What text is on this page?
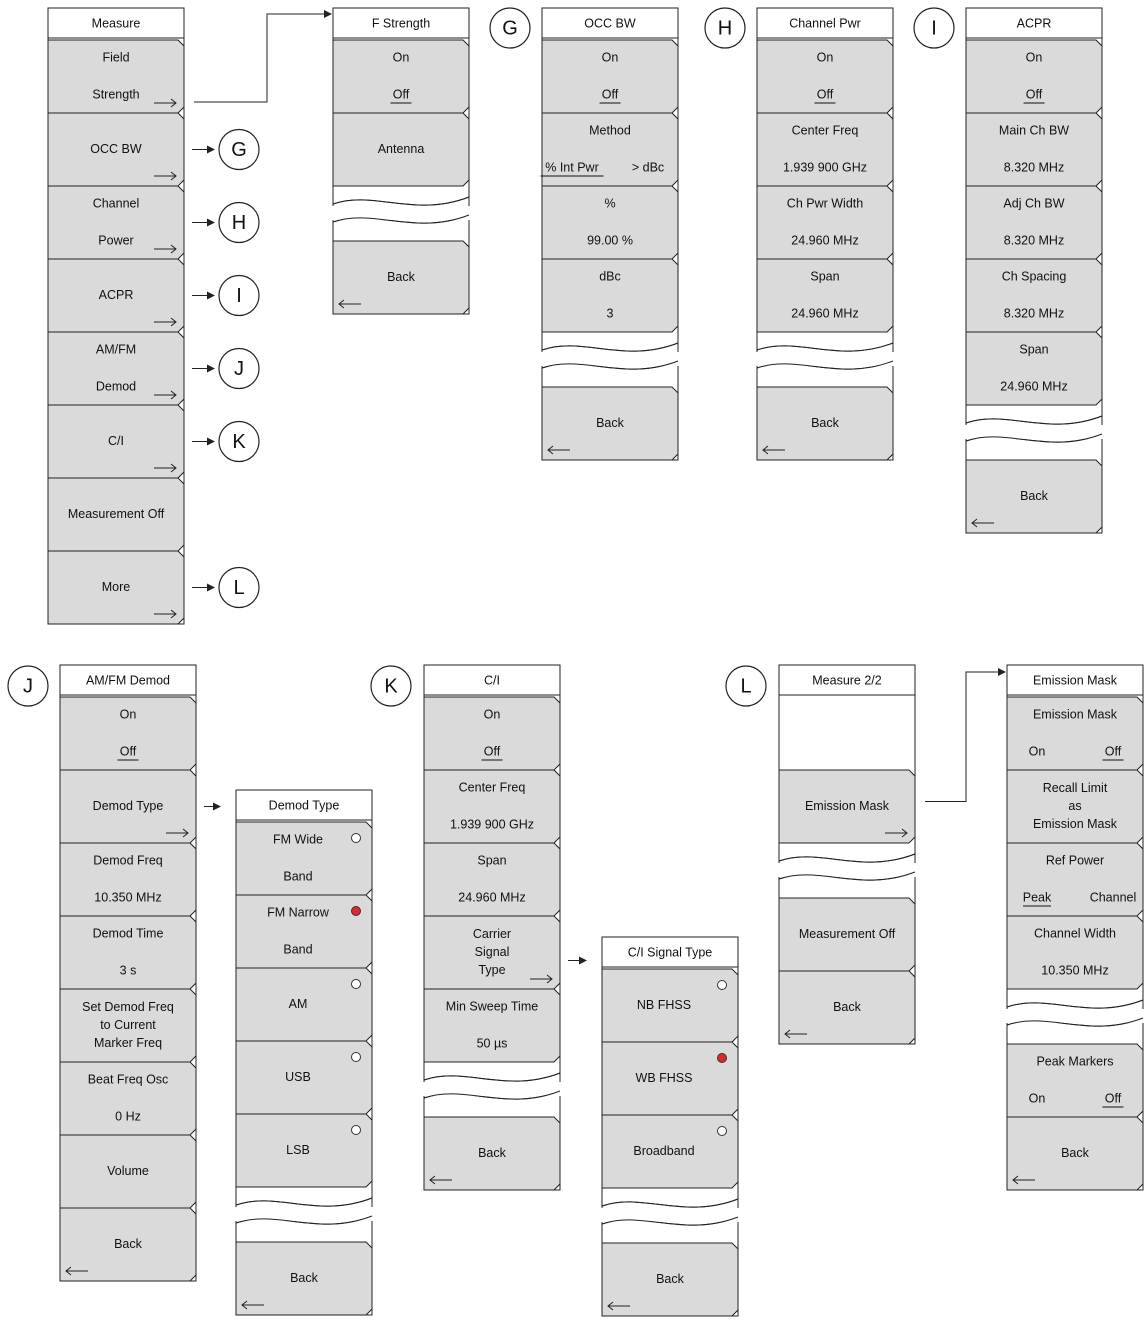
Measure
Field
Strength
OCC BW
Channel
Power
ACPR
AM/FM
Demod
C/I
Measurement Off
More
F Strength
On
Off
Antenna
Back
OCC BW
On
Off
Method
% Int Pwr	> dBc
%
99.00 %
dBc
3
Back
Channel Pwr
On
Off
Center Freq
1.939 900 GHz
Ch Pwr Width
24.960 MHz
Span
24.960 MHz
Back
ACPR
On
Off
Main Ch BW
8.320 MHz
Adj Ch BW
8.320 MHz
Ch Spacing
8.320 MHz
Span
24.960 MHz
Back
AM/FM Demod
On
Off
Demod Type
Demod Freq
10.350 MHz
Demod Time
3 s
Set Demod Freq
to Current
Marker Freq
Beat Freq Osc
0 Hz
Volume
Back
Demod Type
FM Wide
Band
FM Narrow
Band
AM
USB
LSB
Back
C/I
On
Off
Center Freq
1.939 900 GHz
Span
24.960 MHz
Carrier
Signal
Type
Min Sweep Time
50 µs
Back
C/I Signal Type
NB FHSS
WB FHSS
Broadband
Back
Measure 2/2
Emission Mask
Measurement Off
Back
Emission Mask
Emission Mask
On	Off
Recall Limit
as
Emission Mask
Ref Power
Peak	Channel
Channel Width
10.350 MHz
Peak Markers
On	Off
Back
G	H	I
J	K	L
G
H
I
J
K
L
